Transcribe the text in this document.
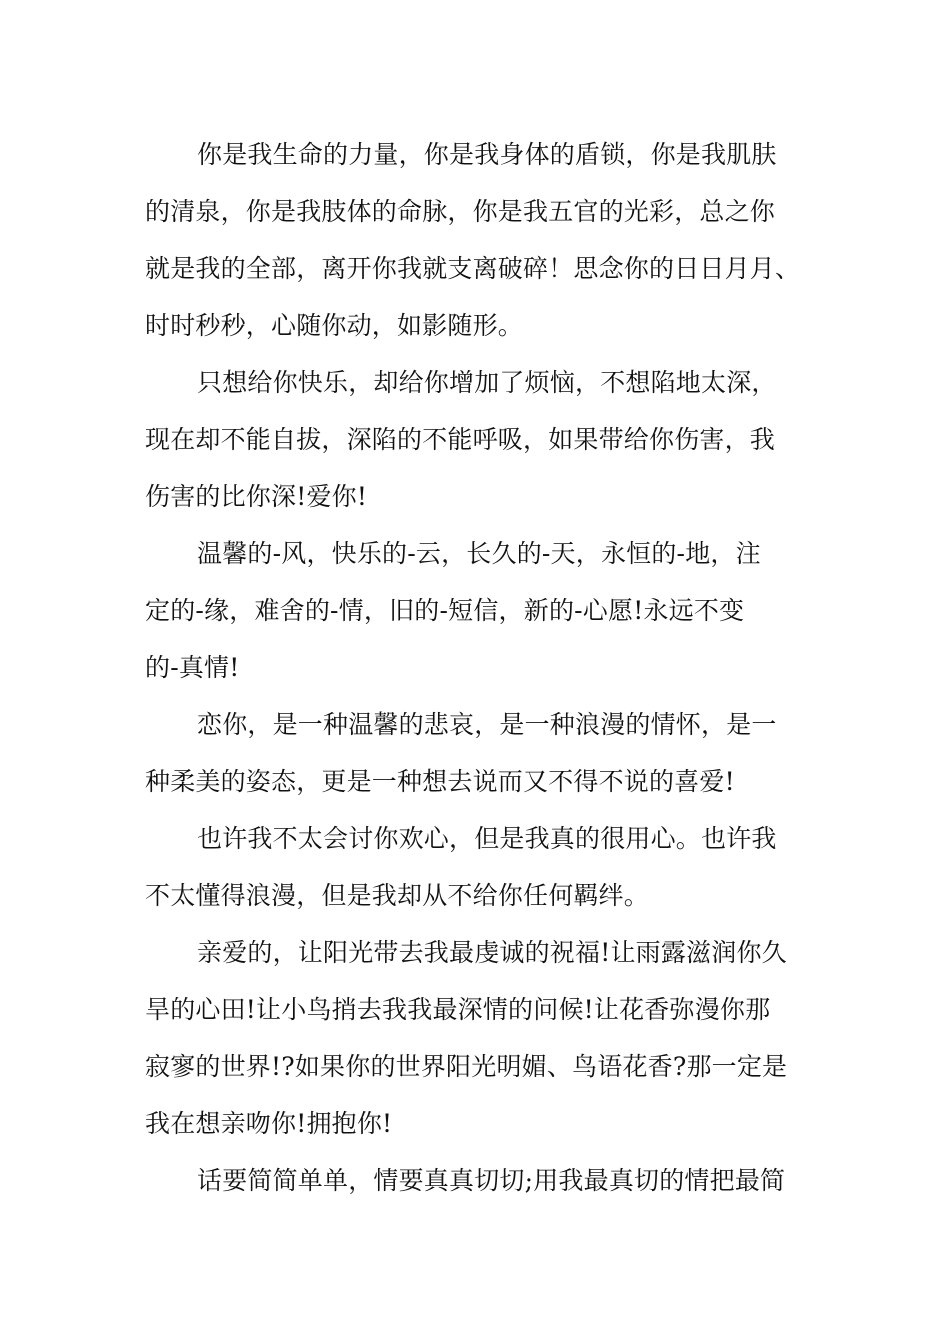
你是我生命的力量，你是我身体的盾锁，你是我肌肤
的清泉，你是我肢体的命脉，你是我五官的光彩，总之你
就是我的全部，离开你我就支离破碎！思念你的日日月月、
时时秒秒，心随你动，如影随形。
只想给你快乐，却给你增加了烦恼，不想陷地太深，
现在却不能自拔，深陷的不能呼吸，如果带给你伤害，我
伤害的比你深!爱你!
温馨的-风，快乐的-云，长久的-天，永恒的-地，注
定的-缘，难舍的-情，旧的-短信，新的-心愿!永远不变
的-真情!
恋你，是一种温馨的悲哀，是一种浪漫的情怀，是一
种柔美的姿态，更是一种想去说而又不得不说的喜爱!
也许我不太会讨你欢心，但是我真的很用心。也许我
不太懂得浪漫，但是我却从不给你任何羁绊。
亲爱的，让阳光带去我最虔诚的祝福!让雨露滋润你久
旱的心田!让小鸟捎去我我最深情的问候!让花香弥漫你那
寂寥的世界!?如果你的世界阳光明媚、鸟语花香?那一定是
我在想亲吻你!拥抱你!
话要简简单单，情要真真切切;用我最真切的情把最简
